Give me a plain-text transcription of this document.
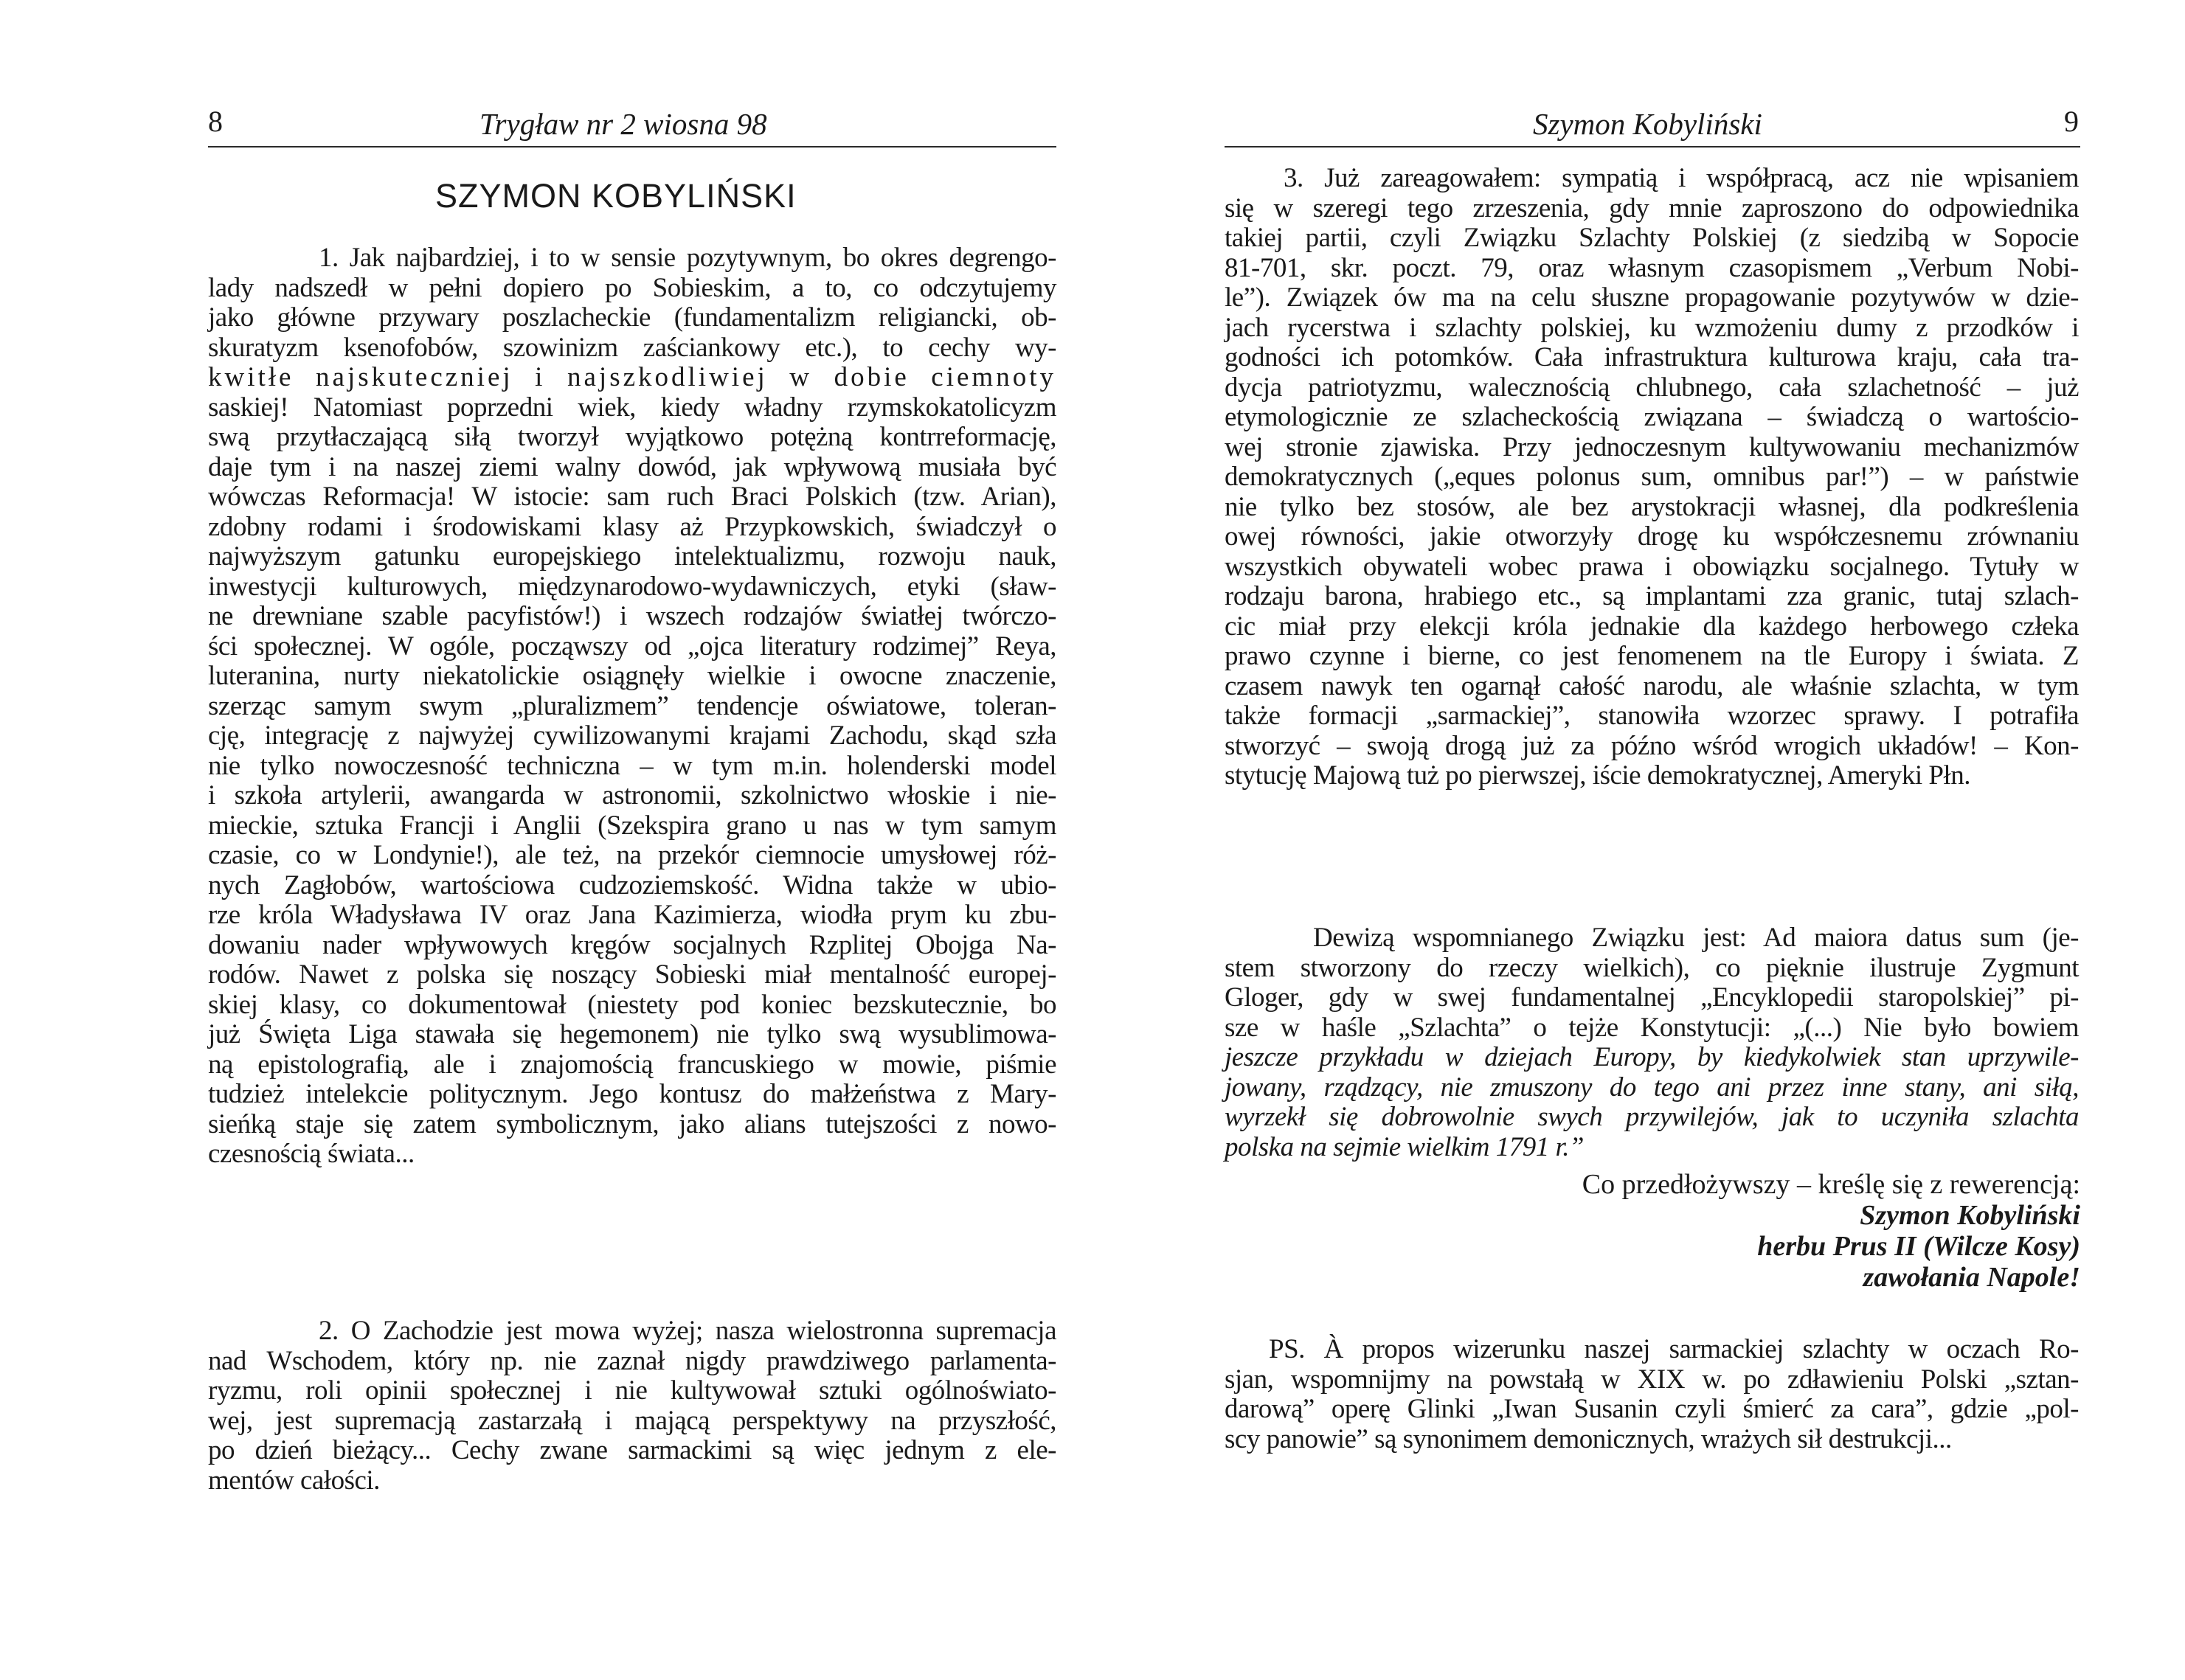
8	Trygław nr 2 wiosna 98
SZYMON KOBYLIŃSKI
1. Jak najbardziej, i to w sensie pozytywnym, bo okres degrengo-
lady nadszedł w pełni dopiero po Sobieskim, a to, co odczytujemy
jako główne przywary poszlacheckie (fundamentalizm religiancki, ob-
skuratyzm ksenofobów, szowinizm zaściankowy etc.), to cechy wy-
kwitłe najskuteczniej i najszkodliwiej w dobie ciemnoty
saskiej! Natomiast poprzedni wiek, kiedy władny rzymskokatolicyzm
swą przytłaczającą siłą tworzył wyjątkowo potężną kontrreformację,
daje tym i na naszej ziemi walny dowód, jak wpływową musiała być
wówczas Reformacja! W istocie: sam ruch Braci Polskich (tzw. Arian),
zdobny rodami i środowiskami klasy aż Przypkowskich, świadczył o
najwyższym gatunku europejskiego intelektualizmu, rozwoju nauk,
inwestycji kulturowych, międzynarodowo-wydawniczych, etyki (sław-
ne drewniane szable pacyfistów!) i wszech rodzajów światłej twórczo-
ści społecznej. W ogóle, począwszy od „ojca literatury rodzimej” Reya,
luteranina, nurty niekatolickie osiągnęły wielkie i owocne znaczenie,
szerząc samym swym „pluralizmem” tendencje oświatowe, toleran-
cję, integrację z najwyżej cywilizowanymi krajami Zachodu, skąd szła
nie tylko nowoczesność techniczna – w tym m.in. holenderski model
i szkoła artylerii, awangarda w astronomii, szkolnictwo włoskie i nie-
mieckie, sztuka Francji i Anglii (Szekspira grano u nas w tym samym
czasie, co w Londynie!), ale też, na przekór ciemnocie umysłowej róż-
nych Zagłobów, wartościowa cudzoziemskość. Widna także w ubio-
rze króla Władysława IV oraz Jana Kazimierza, wiodła prym ku zbu-
dowaniu nader wpływowych kręgów socjalnych Rzplitej Obojga Na-
rodów. Nawet z polska się noszący Sobieski miał mentalność europej-
skiej klasy, co dokumentował (niestety pod koniec bezskutecznie, bo
już Święta Liga stawała się hegemonem) nie tylko swą wysublimowa-
ną epistolografią, ale i znajomością francuskiego w mowie, piśmie
tudzież intelekcie politycznym. Jego kontusz do małżeństwa z Mary-
sieńką staje się zatem symbolicznym, jako alians tutejszości z nowo-
czesnością świata...
2. O Zachodzie jest mowa wyżej; nasza wielostronna supremacja
nad Wschodem, który np. nie zaznał nigdy prawdziwego parlamenta-
ryzmu, roli opinii społecznej i nie kultywował sztuki ogólnoświato-
wej, jest supremacją zastarzałą i mającą perspektywy na przyszłość,
po dzień bieżący... Cechy zwane sarmackimi są więc jednym z ele-
mentów całości.
Szymon Kobyliński	9
3. Już zareagowałem: sympatią i współpracą, acz nie wpisaniem
się w szeregi tego zrzeszenia, gdy mnie zaproszono do odpowiednika
takiej partii, czyli Związku Szlachty Polskiej (z siedzibą w Sopocie
81-701, skr. poczt. 79, oraz własnym czasopismem „Verbum Nobi-
le”). Związek ów ma na celu słuszne propagowanie pozytywów w dzie-
jach rycerstwa i szlachty polskiej, ku wzmożeniu dumy z przodków i
godności ich potomków. Cała infrastruktura kulturowa kraju, cała tra-
dycja patriotyzmu, walecznością chlubnego, cała szlachetność – już
etymologicznie ze szlacheckością związana – świadczą o wartościo-
wej stronie zjawiska. Przy jednoczesnym kultywowaniu mechanizmów
demokratycznych („eques polonus sum, omnibus par!”) – w państwie
nie tylko bez stosów, ale bez arystokracji własnej, dla podkreślenia
owej równości, jakie otworzyły drogę ku współczesnemu zrównaniu
wszystkich obywateli wobec prawa i obowiązku socjalnego. Tytuły w
rodzaju barona, hrabiego etc., są implantami zza granic, tutaj szlach-
cic miał przy elekcji króla jednakie dla każdego herbowego człeka
prawo czynne i bierne, co jest fenomenem na tle Europy i świata. Z
czasem nawyk ten ogarnął całość narodu, ale właśnie szlachta, w tym
także formacji „sarmackiej”, stanowiła wzorzec sprawy. I potrafiła
stworzyć – swoją drogą już za późno wśród wrogich układów! – Kon-
stytucję Majową tuż po pierwszej, iście demokratycznej, Ameryki Płn.
Dewizą wspomnianego Związku jest: Ad maiora datus sum (je-
stem stworzony do rzeczy wielkich), co pięknie ilustruje Zygmunt
Gloger, gdy w swej fundamentalnej „Encyklopedii staropolskiej” pi-
sze w haśle „Szlachta” o tejże Konstytucji: „(...) Nie było bowiem
jeszcze przykładu w dziejach Europy, by kiedykolwiek stan uprzywile-
jowany, rządzący, nie zmuszony do tego ani przez inne stany, ani siłą,
wyrzekł się dobrowolnie swych przywilejów, jak to uczyniła szlachta
polska na sejmie wielkim 1791 r.”
Co przedłożywszy – kreślę się z rewerencją:
Szymon Kobyliński
herbu Prus II (Wilcze Kosy)
zawołania Napole!
PS. À propos wizerunku naszej sarmackiej szlachty w oczach Ro-
sjan, wspomnijmy na powstałą w XIX w. po zdławieniu Polski „sztan-
darową” operę Glinki „Iwan Susanin czyli śmierć za cara”, gdzie „pol-
scy panowie” są synonimem demonicznych, wrażych sił destrukcji...
